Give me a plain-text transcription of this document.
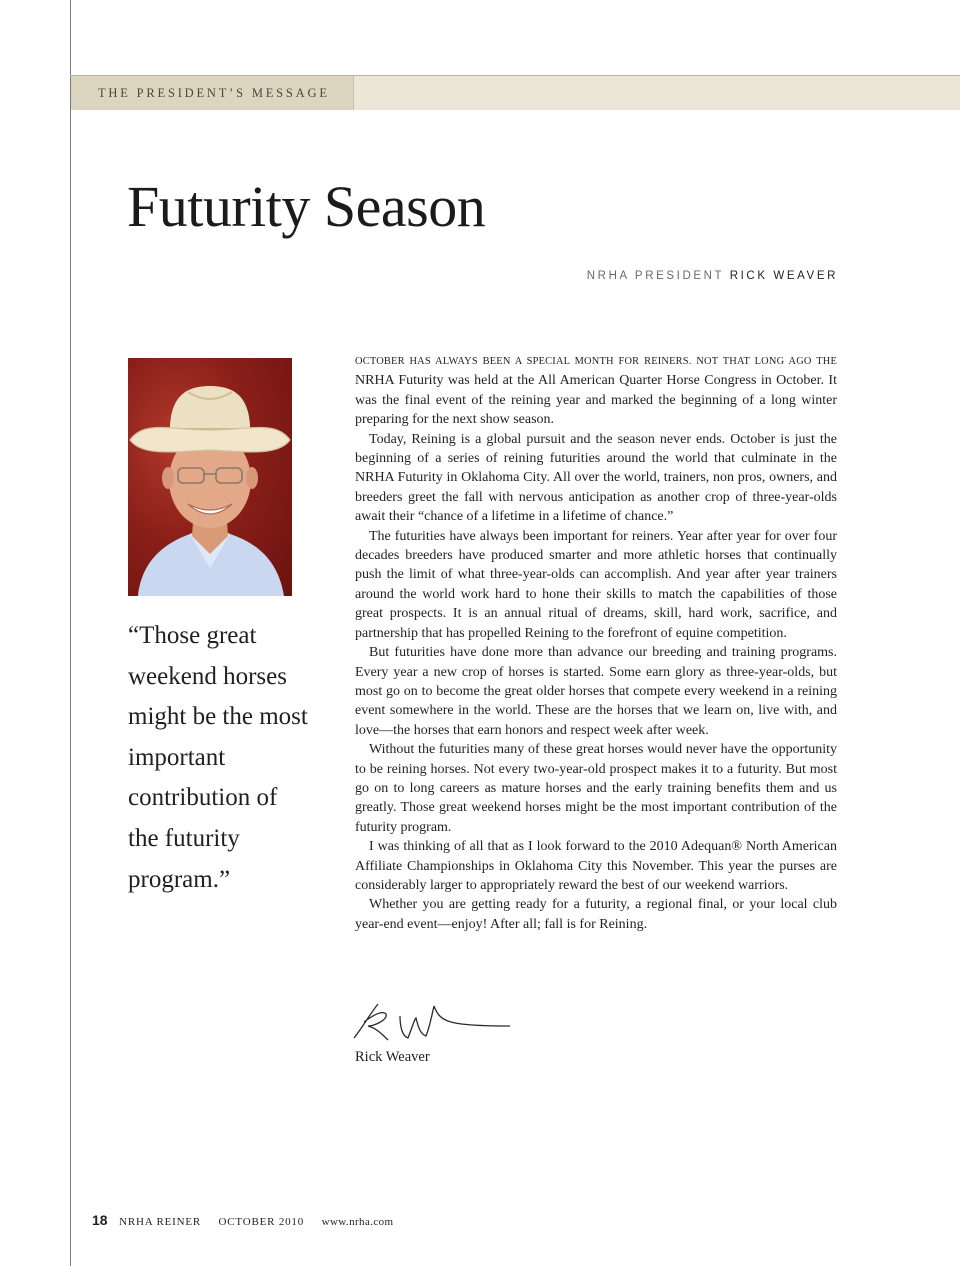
THE PRESIDENT’S MESSAGE
Futurity Season
NRHA PRESIDENT RICK WEAVER

“Those great weekend horses might be the most important contribution of the futurity program.”

OCTOBER HAS ALWAYS BEEN A SPECIAL MONTH FOR REINERS. NOT THAT LONG AGO THE NRHA Futurity was held at the All American Quarter Horse Congress in October. It was the final event of the reining year and marked the beginning of a long winter preparing for the next show season.

Today, Reining is a global pursuit and the season never ends. October is just the beginning of a series of reining futurities around the world that culminate in the NRHA Futurity in Oklahoma City. All over the world, trainers, non pros, owners, and breeders greet the fall with nervous anticipation as another crop of three-year-olds await their “chance of a lifetime in a lifetime of chance.”

The futurities have always been important for reiners. Year after year for over four decades breeders have produced smarter and more athletic horses that continually push the limit of what three-year-olds can accomplish. And year after year trainers around the world work hard to hone their skills to match the capabilities of those great prospects. It is an annual ritual of dreams, skill, hard work, sacrifice, and partnership that has propelled Reining to the forefront of equine competition.

But futurities have done more than advance our breeding and training programs. Every year a new crop of horses is started. Some earn glory as three-year-olds, but most go on to become the great older horses that compete every weekend in a reining event somewhere in the world. These are the horses that we learn on, live with, and love—the horses that earn honors and respect week after week.

Without the futurities many of these great horses would never have the opportunity to be reining horses. Not every two-year-old prospect makes it to a futurity. But most go on to long careers as mature horses and the early training benefits them and us greatly. Those great weekend horses might be the most important contribution of the futurity program.

I was thinking of all that as I look forward to the 2010 Adequan® North American Affiliate Championships in Oklahoma City this November. This year the purses are considerably larger to appropriately reward the best of our weekend warriors.

Whether you are getting ready for a futurity, a regional final, or your local club year-end event—enjoy! After all; fall is for Reining.

Rick Weaver
18 NRHA REINER OCTOBER 2010 www.nrha.com
